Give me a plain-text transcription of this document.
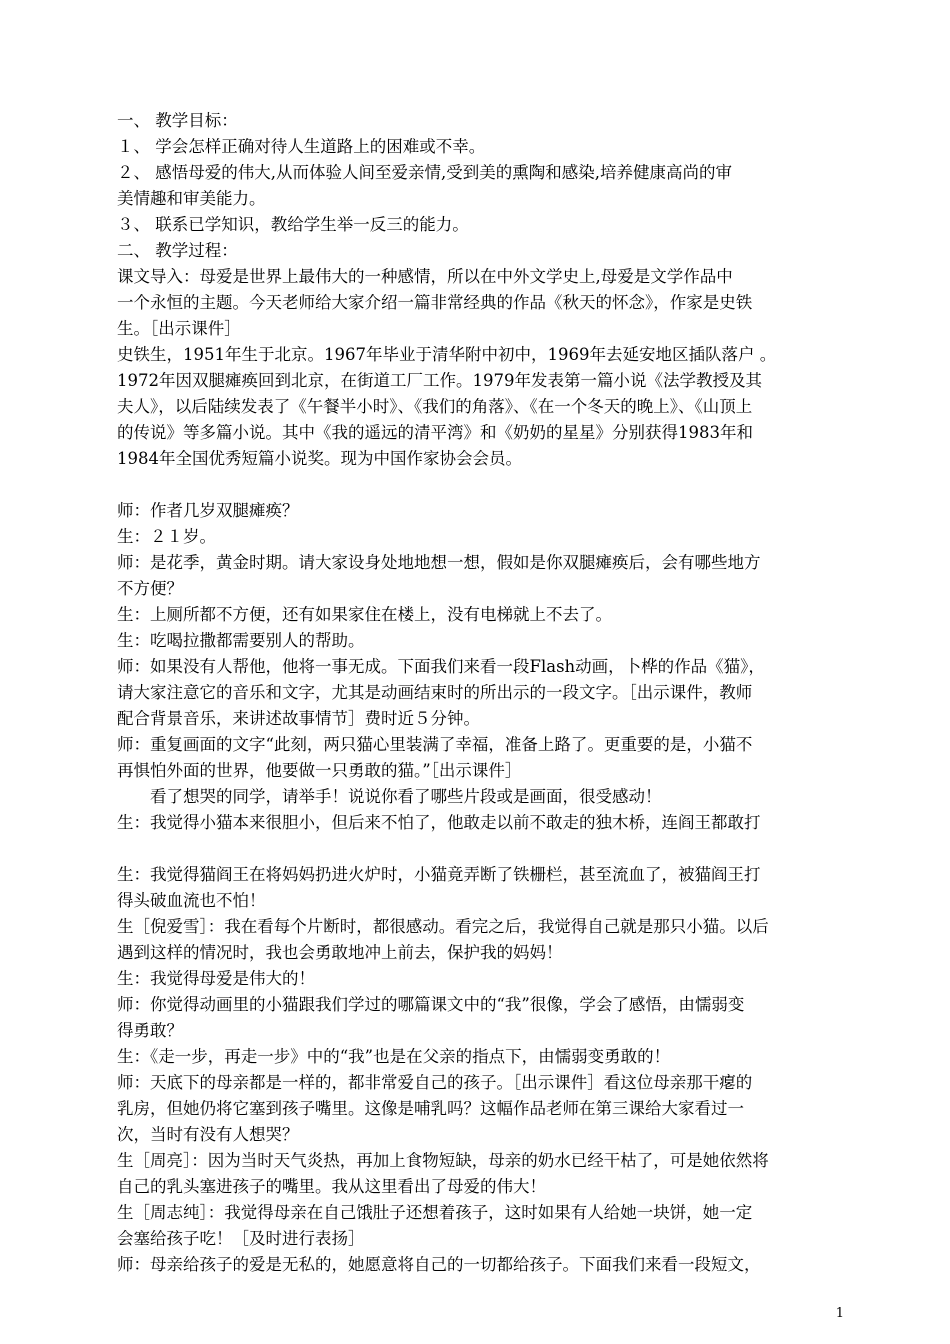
一、 教学目标：
１、 学会怎样正确对待人生道路上的困难或不幸。
２、 感悟母爱的伟大,从而体验人间至爱亲情,受到美的熏陶和感染,培养健康高尚的审
美情趣和审美能力。
３、 联系已学知识，教给学生举一反三的能力。
二、 教学过程：
课文导入：母爱是世界上最伟大的一种感情，所以在中外文学史上,母爱是文学作品中
一个永恒的主题。今天老师给大家介绍一篇非常经典的作品《秋天的怀念》，作家是史铁
生。［出示课件］
史铁生，1951年生于北京。1967年毕业于清华附中初中，1969年去延安地区插队落户 。
1972年因双腿瘫痪回到北京，在街道工厂工作。1979年发表第一篇小说《法学教授及其
夫人》，以后陆续发表了《午餐半小时》、《我们的角落》、《在一个冬天的晚上》、《山顶上
的传说》等多篇小说。其中《我的遥远的清平湾》和《奶奶的星星》分别获得1983年和
1984年全国优秀短篇小说奖。现为中国作家协会会员。
师：作者几岁双腿瘫痪？
生：２１岁。
师：是花季，黄金时期。请大家设身处地地想一想，假如是你双腿瘫痪后，会有哪些地方
不方便？
生：上厕所都不方便，还有如果家住在楼上，没有电梯就上不去了。
生：吃喝拉撒都需要别人的帮助。
师：如果没有人帮他，他将一事无成。下面我们来看一段Flash动画，卜桦的作品《猫》，
请大家注意它的音乐和文字，尤其是动画结束时的所出示的一段文字。［出示课件，教师
配合背景音乐，来讲述故事情节］费时近５分钟。
师：重复画面的文字“此刻，两只猫心里装满了幸福，准备上路了。更重要的是，小猫不
再惧怕外面的世界，他要做一只勇敢的猫。”［出示课件］
看了想哭的同学，请举手！说说你看了哪些片段或是画面，很受感动！
生：我觉得小猫本来很胆小，但后来不怕了，他敢走以前不敢走的独木桥，连阎王都敢打
生：我觉得猫阎王在将妈妈扔进火炉时，小猫竟弄断了铁栅栏，甚至流血了，被猫阎王打
得头破血流也不怕！
生［倪爱雪］：我在看每个片断时，都很感动。看完之后，我觉得自己就是那只小猫。以后
遇到这样的情况时，我也会勇敢地冲上前去，保护我的妈妈！
生：我觉得母爱是伟大的！
师：你觉得动画里的小猫跟我们学过的哪篇课文中的“我”很像，学会了感悟，由懦弱变
得勇敢？
生：《走一步，再走一步》中的“我”也是在父亲的指点下，由懦弱变勇敢的！
师：天底下的母亲都是一样的，都非常爱自己的孩子。［出示课件］看这位母亲那干瘪的
乳房，但她仍将它塞到孩子嘴里。这像是哺乳吗？这幅作品老师在第三课给大家看过一
次，当时有没有人想哭？
生［周亮］：因为当时天气炎热，再加上食物短缺，母亲的奶水已经干枯了，可是她依然将
自己的乳头塞进孩子的嘴里。我从这里看出了母爱的伟大！
生［周志纯］：我觉得母亲在自己饿肚子还想着孩子，这时如果有人给她一块饼，她一定
会塞给孩子吃！［及时进行表扬］
师：母亲给孩子的爱是无私的，她愿意将自己的一切都给孩子。下面我们来看一段短文，
1
